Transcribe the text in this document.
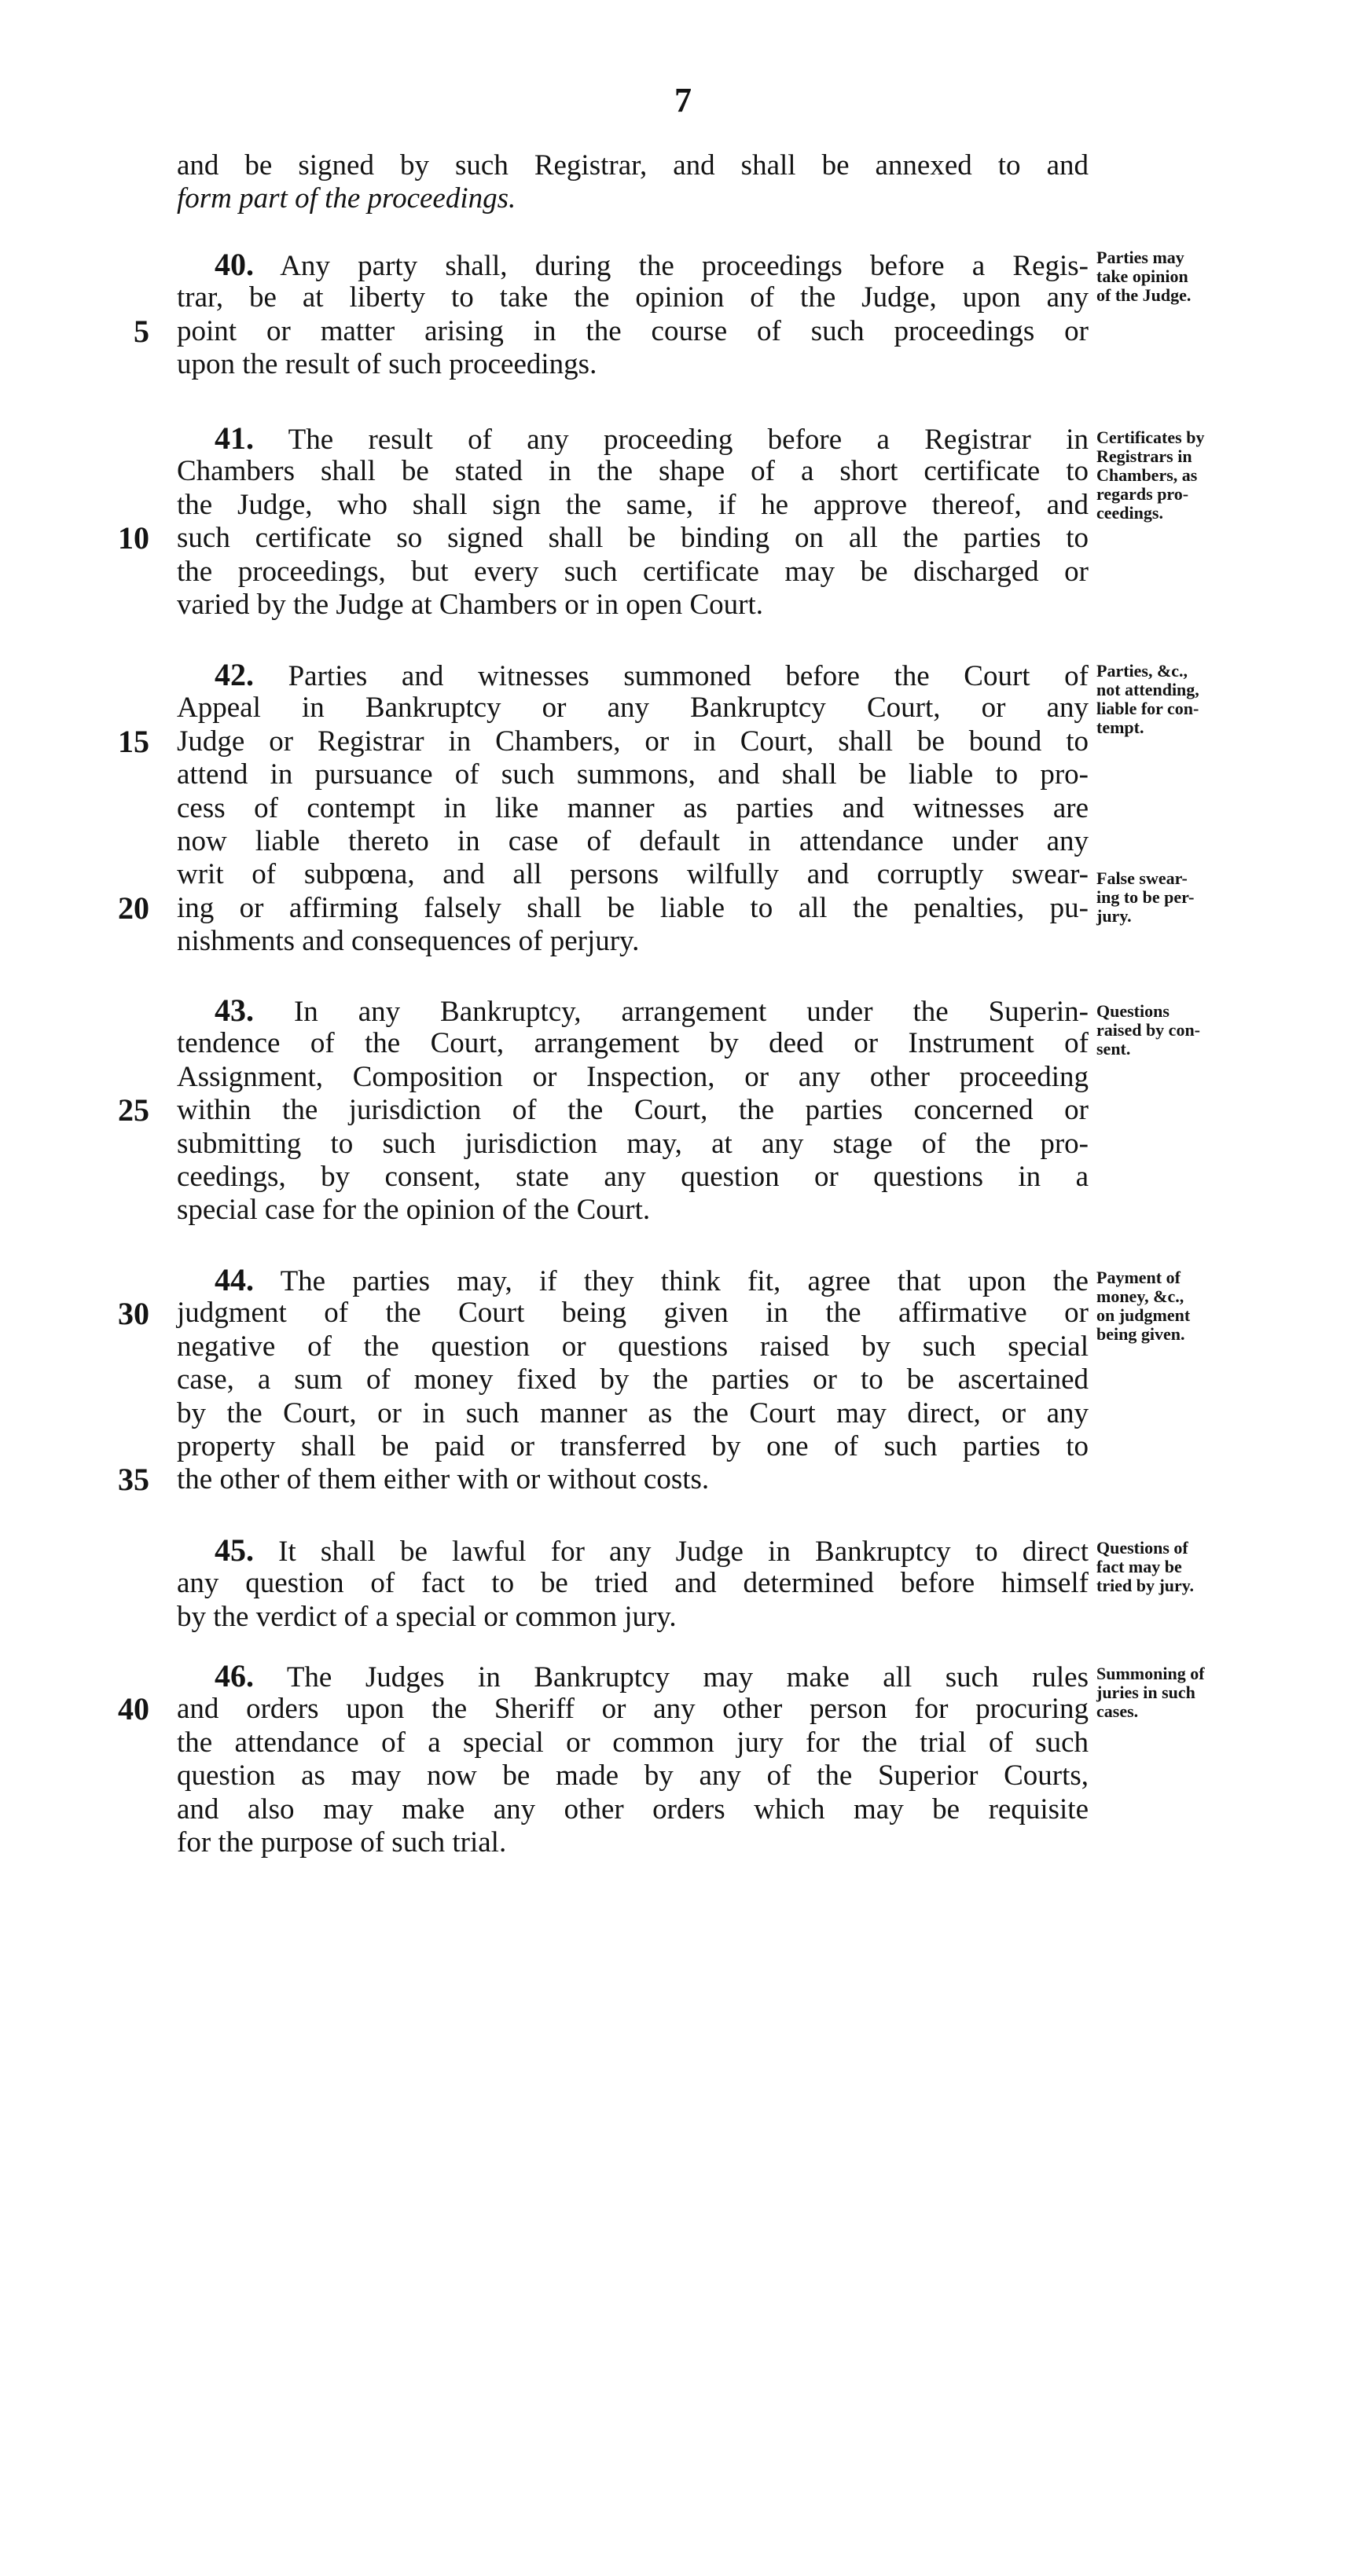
7
and be signed by such Registrar, and shall be annexed to and
form part of the proceedings.
40. Any party shall, during the proceedings before a Regis-
trar, be at liberty to take the opinion of the Judge, upon any
point or matter arising in the course of such proceedings or
upon the result of such proceedings.
Parties may
take opinion
of the Judge.
41. The result of any proceeding before a Registrar in
Chambers shall be stated in the shape of a short certificate to
the Judge, who shall sign the same, if he approve thereof, and
such certificate so signed shall be binding on all the parties to
the proceedings, but every such certificate may be discharged or
varied by the Judge at Chambers or in open Court.
Certificates by
Registrars in
Chambers, as
regards pro-
ceedings.
42. Parties and witnesses summoned before the Court of
Appeal in Bankruptcy or any Bankruptcy Court, or any
Judge or Registrar in Chambers, or in Court, shall be bound to
attend in pursuance of such summons, and shall be liable to pro-
cess of contempt in like manner as parties and witnesses are
now liable thereto in case of default in attendance under any
writ of subpœna, and all persons wilfully and corruptly swear-
ing or affirming falsely shall be liable to all the penalties, pu-
nishments and consequences of perjury.
Parties, &c.,
not attending,
liable for con-
tempt.
False swear-
ing to be per-
jury.
43. In any Bankruptcy, arrangement under the Superin-
tendence of the Court, arrangement by deed or Instrument of
Assignment, Composition or Inspection, or any other proceeding
within the jurisdiction of the Court, the parties concerned or
submitting to such jurisdiction may, at any stage of the pro-
ceedings, by consent, state any question or questions in a
special case for the opinion of the Court.
Questions
raised by con-
sent.
44. The parties may, if they think fit, agree that upon the
judgment of the Court being given in the affirmative or
negative of the question or questions raised by such special
case, a sum of money fixed by the parties or to be ascertained
by the Court, or in such manner as the Court may direct, or any
property shall be paid or transferred by one of such parties to
the other of them either with or without costs.
Payment of
money, &c.,
on judgment
being given.
45. It shall be lawful for any Judge in Bankruptcy to direct
any question of fact to be tried and determined before himself
by the verdict of a special or common jury.
Questions of
fact may be
tried by jury.
46. The Judges in Bankruptcy may make all such rules
and orders upon the Sheriff or any other person for procuring
the attendance of a special or common jury for the trial of such
question as may now be made by any of the Superior Courts,
and also may make any other orders which may be requisite
for the purpose of such trial.
Summoning of
juries in such
cases.
5
10
15
20
25
30
35
40
